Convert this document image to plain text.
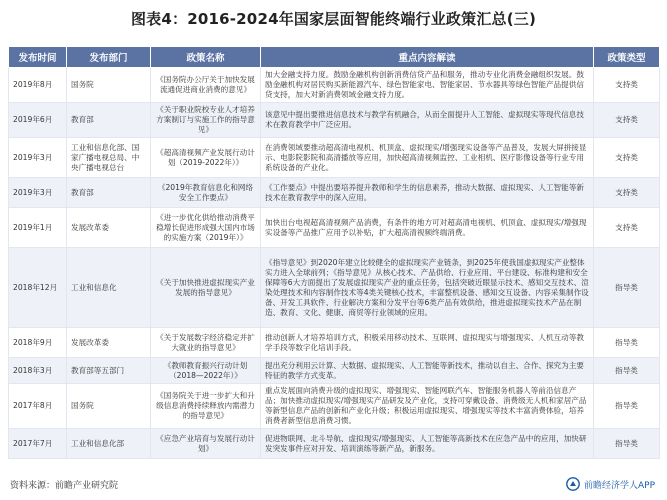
图表4：2016-2024年国家层面智能终端行业政策汇总(三)
发布时间	发布部门	政策名称	重点内容解读	政策类型
2019年8月	国务院	《国务院办公厅关于加快发展流通促进商业消费的意见》	加大金融支持力度。鼓励金融机构创新消费信贷产品和服务，推动专业化消费金融组织发展。鼓励金融机构对居民购买新能源汽车、绿色智能家电、智能家居、节水器具等绿色智能产品提供信贷支持，加大对新消费领域金融支持力度。	支持类
2019年6月	教育部	《关于职业院校专业人才培养方案制订与实施工作的指导意见》	该意见中提出要推进信息技术与教学有机融合，从而全面提升人工智能、虚拟现实等现代信息技术在教育教学中广泛应用。	支持类
2019年3月	工业和信息化部、国家广播电视总局、中央广播电视总台	《超高清视频产业发展行动计划（2019-2022年）》	在消费领域要推动超高清电视机、机顶盒、虚拟现实/增强现实设备等产品普及，发展大屏拼接显示、电影院影院和高清播放等应用，加快超高清视频监控、工业相机、医疗影像设备等行业专用系统设备的产业化。	支持类
2019年3月	教育部	《2019年教育信息化和网络安全工作要点》	《工作要点》中提出要培养提升教师和学生的信息素养，推动大数据、虚拟现实、人工智能等新技术在教育教学中的深入应用。	支持类
2019年1月	发展改革委	《进一步优化供给推动消费平稳增长促进形成强大国内市场的实施方案（2019年）》	加快出台电视超高清视频产品消费，有条件的地方可对超高清电视机、机顶盒、虚拟现实/增强现实设备等产品推广应用予以补贴，扩大超高清视频终端消费。	支持类
2018年12月	工业和信息化	《关于加快推进虚拟现实产业发展的指导意见》	《指导意见》到2020年建立比较健全的虚拟现实产业链条，到2025年使我国虚拟现实产业整体实力进入全球前列；《指导意见》从核心技术、产品供给、行业应用、平台建设、标准构建和安全保障等6大方面提出了发展虚拟现实产业的重点任务，包括突破近眼显示技术、感知交互技术、渲染处理技术和内容制作技术等4类关键核心技术，丰富整机设备、感知交互设备、内容采集制作设备、开发工具软件、行业解决方案和分发平台等6类产品有效供给，推进虚拟现实技术产品在制造、教育、文化、健康、商贸等行业领域的应用。	指导类
2018年9月	发展改革委	《关于发展数字经济稳定并扩大就业的指导意见》	推动创新人才培养培训方式，积极采用移动技术、互联网、虚拟现实与增强现实、人机互动等教学手段等数字化培训手段。	指导类
2018年3月	教育部等五部门	《教师教育振兴行动计划（2018—2022年）》	提出充分利用云计算、大数据、虚拟现实、人工智能等新技术，推动以自主、合作、探究为主要特征的教学方式变革。	指导类
2017年8月	国务院	《国务院关于进一步扩大和升级信息消费持续释放内需潜力的指导意见》	重点发展面向消费升级的虚拟现实、增强现实、智能网联汽车、智能服务机器人等前沿信息产品；加快推动虚拟现实/增强现实产品研发及产业化，支持可穿戴设备、消费级无人机和家居产品等新型信息产品的创新和产业化升级；积极运用虚拟现实、增强现实等技术丰富消费体验，培养消费者新型信息消费习惯。	指导类
2017年7月	工业和信息化部	《应急产业培育与发展行动计划》	促进物联网、北斗导航、虚拟现实/增强现实、人工智能等高新技术在应急产品中的应用，加快研发突发事件应对开发、培训演练等新产品，新服务。	指导类
资料来源：前瞻产业研究院	前瞻经济学人APP
